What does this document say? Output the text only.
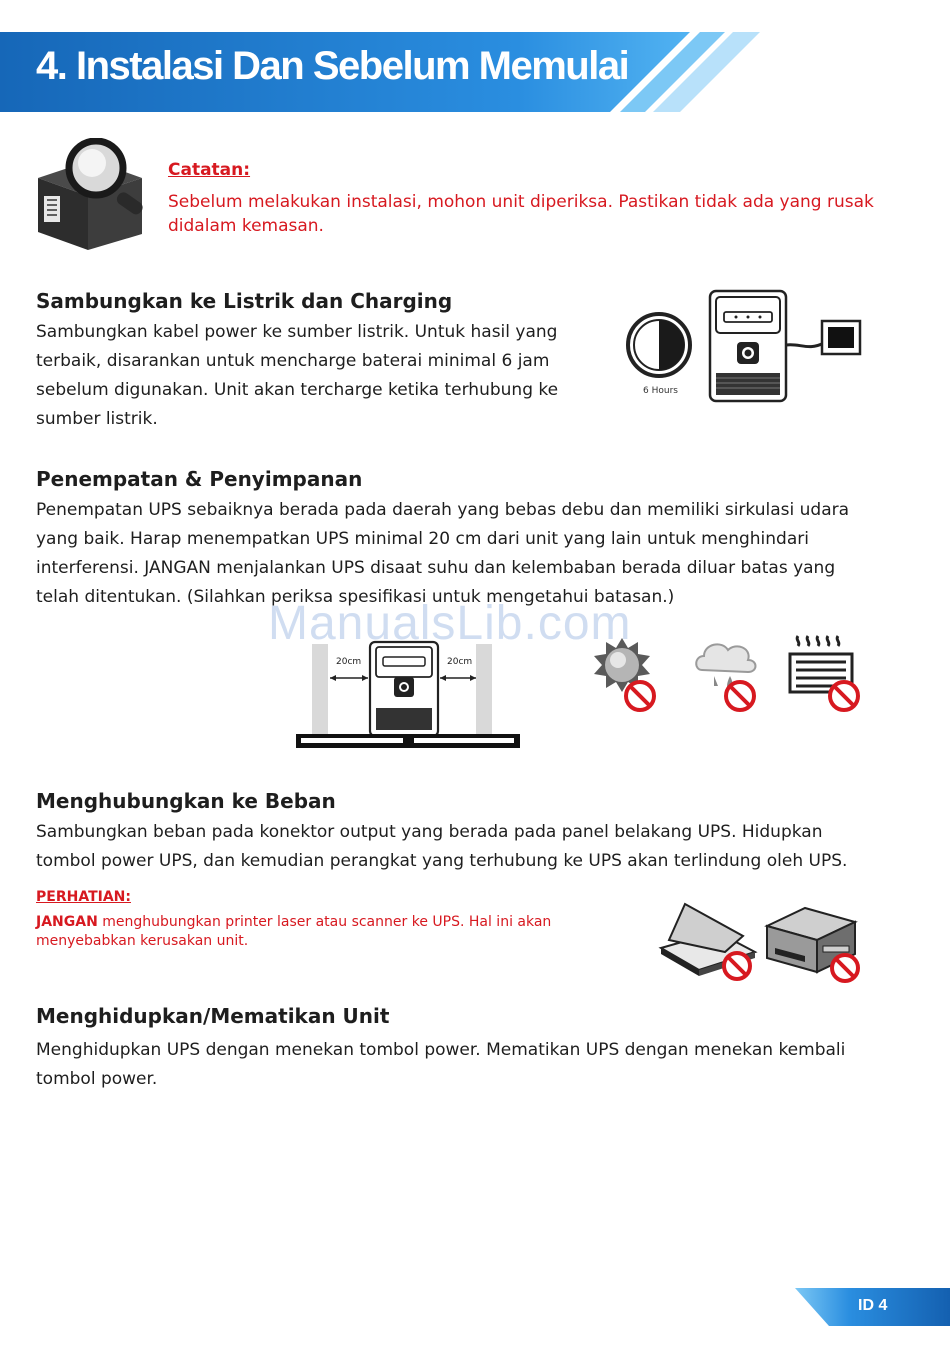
4. Instalasi Dan Sebelum Memulai
Catatan:
Sebelum melakukan instalasi, mohon unit diperiksa. Pastikan tidak ada yang rusak didalam kemasan.
Sambungkan ke Listrik dan Charging

Sambungkan kabel power ke sumber listrik. Untuk hasil yang terbaik, disarankan untuk mencharge baterai minimal 6 jam sebelum digunakan. Unit akan tercharge ketika terhubung ke sumber listrik.

6 Hours
Penempatan & Penyimpanan

Penempatan UPS sebaiknya berada pada daerah yang bebas debu dan memiliki sirkulasi udara yang baik. Harap menempatkan UPS minimal 20 cm dari unit yang lain untuk menghindari interferensi. JANGAN menjalankan UPS disaat suhu dan kelembaban berada diluar batas yang telah ditentukan. (Silahkan periksa spesifikasi untuk mengetahui batasan.)

20cm	20cm
ManualsLib.com
Menghubungkan ke Beban

Sambungkan beban pada konektor output yang berada pada panel belakang UPS. Hidupkan tombol power UPS, dan kemudian perangkat yang terhubung ke UPS akan terlindung oleh UPS.

PERHATIAN:
JANGAN menghubungkan printer laser atau scanner ke UPS. Hal ini akan menyebabkan kerusakan unit.
Menghidupkan/Mematikan Unit

Menghidupkan UPS dengan menekan tombol power. Mematikan UPS dengan menekan kembali tombol power.

ID 4
